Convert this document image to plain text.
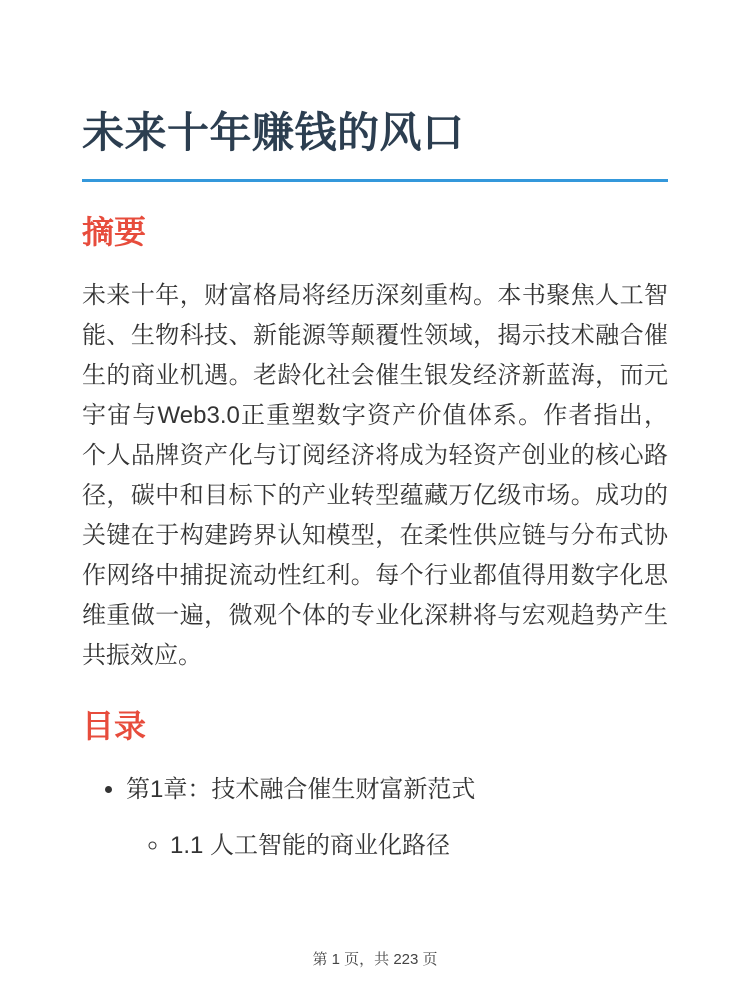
未来十年赚钱的风口
摘要

未来十年，财富格局将经历深刻重构。本书聚焦人工智能、生物科技、新能源等颠覆性领域，揭示技术融合催生的商业机遇。老龄化社会催生银发经济新蓝海，而元宇宙与Web3.0正重塑数字资产价值体系。作者指出，个人品牌资产化与订阅经济将成为轻资产创业的核心路径，碳中和目标下的产业转型蕴藏万亿级市场。成功的关键在于构建跨界认知模型，在柔性供应链与分布式协作网络中捕捉流动性红利。每个行业都值得用数字化思维重做一遍，微观个体的专业化深耕将与宏观趋势产生共振效应。

目录
• 第1章：技术融合催生财富新范式
◦ 1.1 人工智能的商业化路径
第 1 页，共 223 页
